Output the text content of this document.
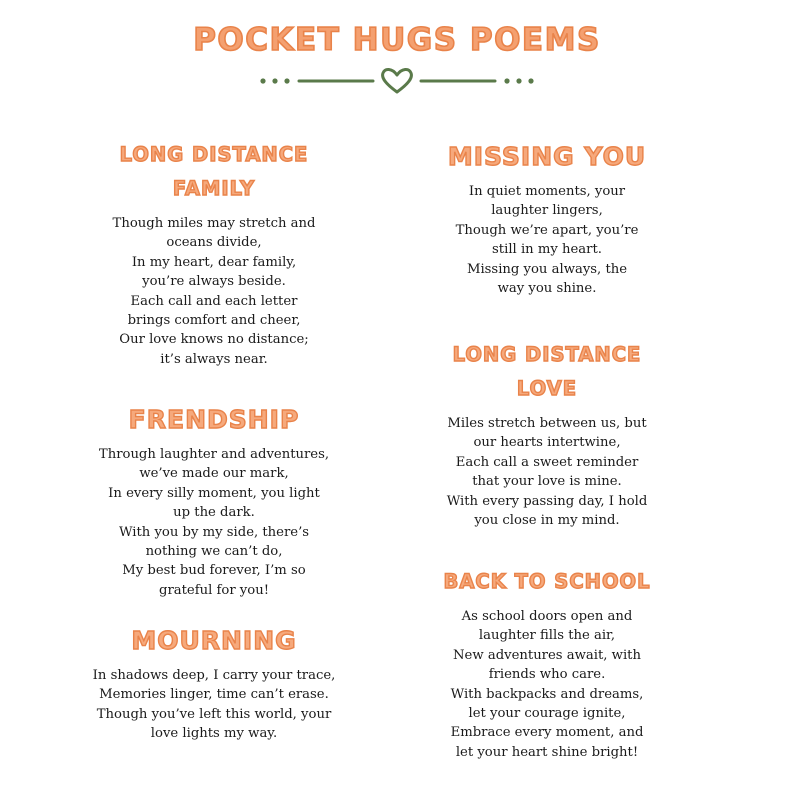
POCKET HUGS POEMS
LONG DISTANCE
FAMILY
Though miles may stretch and
oceans divide,
In my heart, dear family,
you’re always beside.
Each call and each letter
brings comfort and cheer,
Our love knows no distance;
it’s always near.
FRENDSHIP
Through laughter and adventures,
we’ve made our mark,
In every silly moment, you light
up the dark.
With you by my side, there’s
nothing we can’t do,
My best bud forever, I’m so
grateful for you!
MOURNING
In shadows deep, I carry your trace,
Memories linger, time can’t erase.
Though you’ve left this world, your
love lights my way.
MISSING YOU
In quiet moments, your
laughter lingers,
Though we’re apart, you’re
still in my heart.
Missing you always, the
way you shine.
LONG DISTANCE
LOVE
Miles stretch between us, but
our hearts intertwine,
Each call a sweet reminder
that your love is mine.
With every passing day, I hold
you close in my mind.
BACK TO SCHOOL
As school doors open and
laughter fills the air,
New adventures await, with
friends who care.
With backpacks and dreams,
let your courage ignite,
Embrace every moment, and
let your heart shine bright!
